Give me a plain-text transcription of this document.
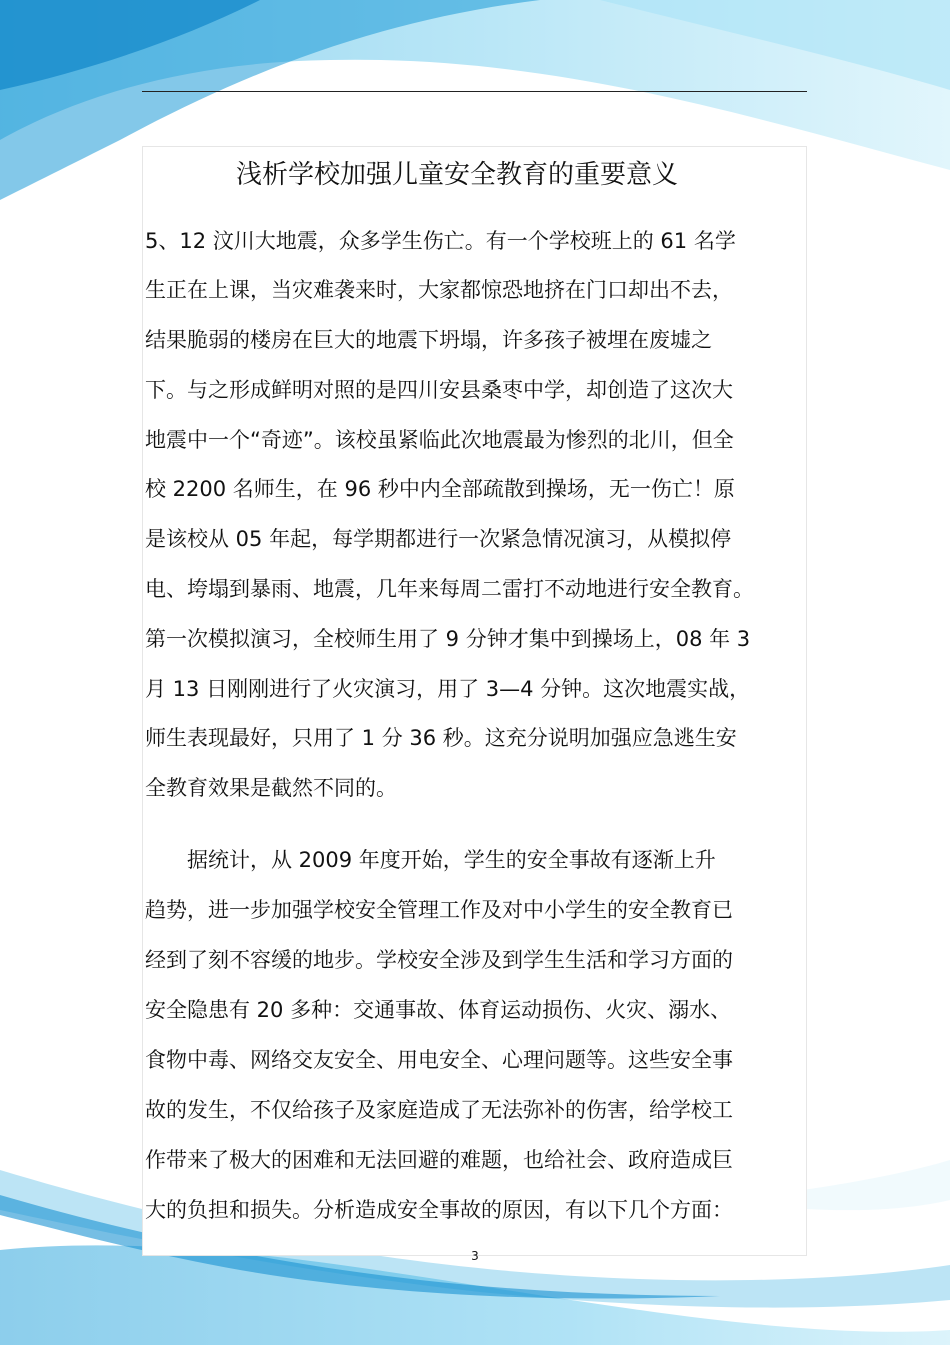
浅析学校加强儿童安全教育的重要意义
5、12 汶川大地震，众多学生伤亡。有一个学校班上的 61 名学
生正在上课，当灾难袭来时，大家都惊恐地挤在门口却出不去，
结果脆弱的楼房在巨大的地震下坍塌，许多孩子被埋在废墟之
下。与之形成鲜明对照的是四川安县桑枣中学，却创造了这次大
地震中一个“奇迹”。该校虽紧临此次地震最为惨烈的北川，但全
校 2200 名师生，在 96 秒中内全部疏散到操场，无一伤亡！原
是该校从 05 年起，每学期都进行一次紧急情况演习，从模拟停
电、垮塌到暴雨、地震，几年来每周二雷打不动地进行安全教育。
第一次模拟演习，全校师生用了 9 分钟才集中到操场上，08 年 3
月 13 日刚刚进行了火灾演习，用了 3—4 分钟。这次地震实战，
师生表现最好，只用了 1 分 36 秒。这充分说明加强应急逃生安
全教育效果是截然不同的。
　　据统计，从 2009 年度开始，学生的安全事故有逐渐上升
趋势，进一步加强学校安全管理工作及对中小学生的安全教育已
经到了刻不容缓的地步。学校安全涉及到学生生活和学习方面的
安全隐患有 20 多种：交通事故、体育运动损伤、火灾、溺水、
食物中毒、网络交友安全、用电安全、心理问题等。这些安全事
故的发生，不仅给孩子及家庭造成了无法弥补的伤害，给学校工
作带来了极大的困难和无法回避的难题，也给社会、政府造成巨
大的负担和损失。分析造成安全事故的原因，有以下几个方面：
3
